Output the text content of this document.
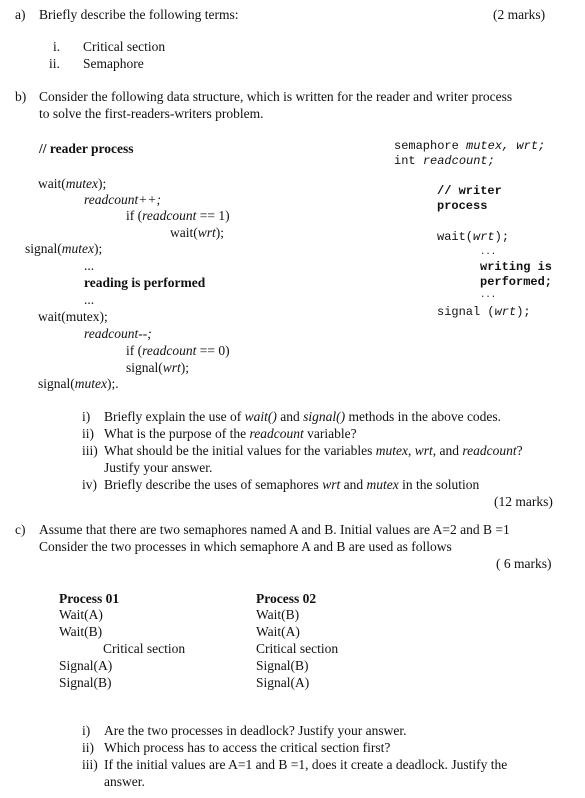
a) Briefly describe the following terms:	(2 marks)
i. Critical section
ii. Semaphore
b) Consider the following data structure, which is written for the reader and writer process
to solve the first-readers-writers problem.
// reader process
wait(mutex);
readcount++;
if (readcount == 1)
wait(wrt);
signal(mutex);
...
reading is performed
...
wait(mutex);
readcount--;
if (readcount == 0)
signal(wrt);
signal(mutex);.
semaphore mutex, wrt;
int readcount;
// writer
process
wait(wrt);
...
writing is
performed;
...
signal (wrt);
i) Briefly explain the use of wait() and signal() methods in the above codes.
ii) What is the purpose of the readcount variable?
iii) What should be the initial values for the variables mutex, wrt, and readcount?
Justify your answer.
iv) Briefly describe the uses of semaphores wrt and mutex in the solution
(12 marks)
c) Assume that there are two semaphores named A and B. Initial values are A=2 and B =1
Consider the two processes in which semaphore A and B are used as follows
( 6 marks)
Process 01
Wait(A)
Wait(B)
Critical section
Signal(A)
Signal(B)
Process 02
Wait(B)
Wait(A)
Critical section
Signal(B)
Signal(A)
i) Are the two processes in deadlock? Justify your answer.
ii) Which process has to access the critical section first?
iii) If the initial values are A=1 and B =1, does it create a deadlock. Justify the
answer.
